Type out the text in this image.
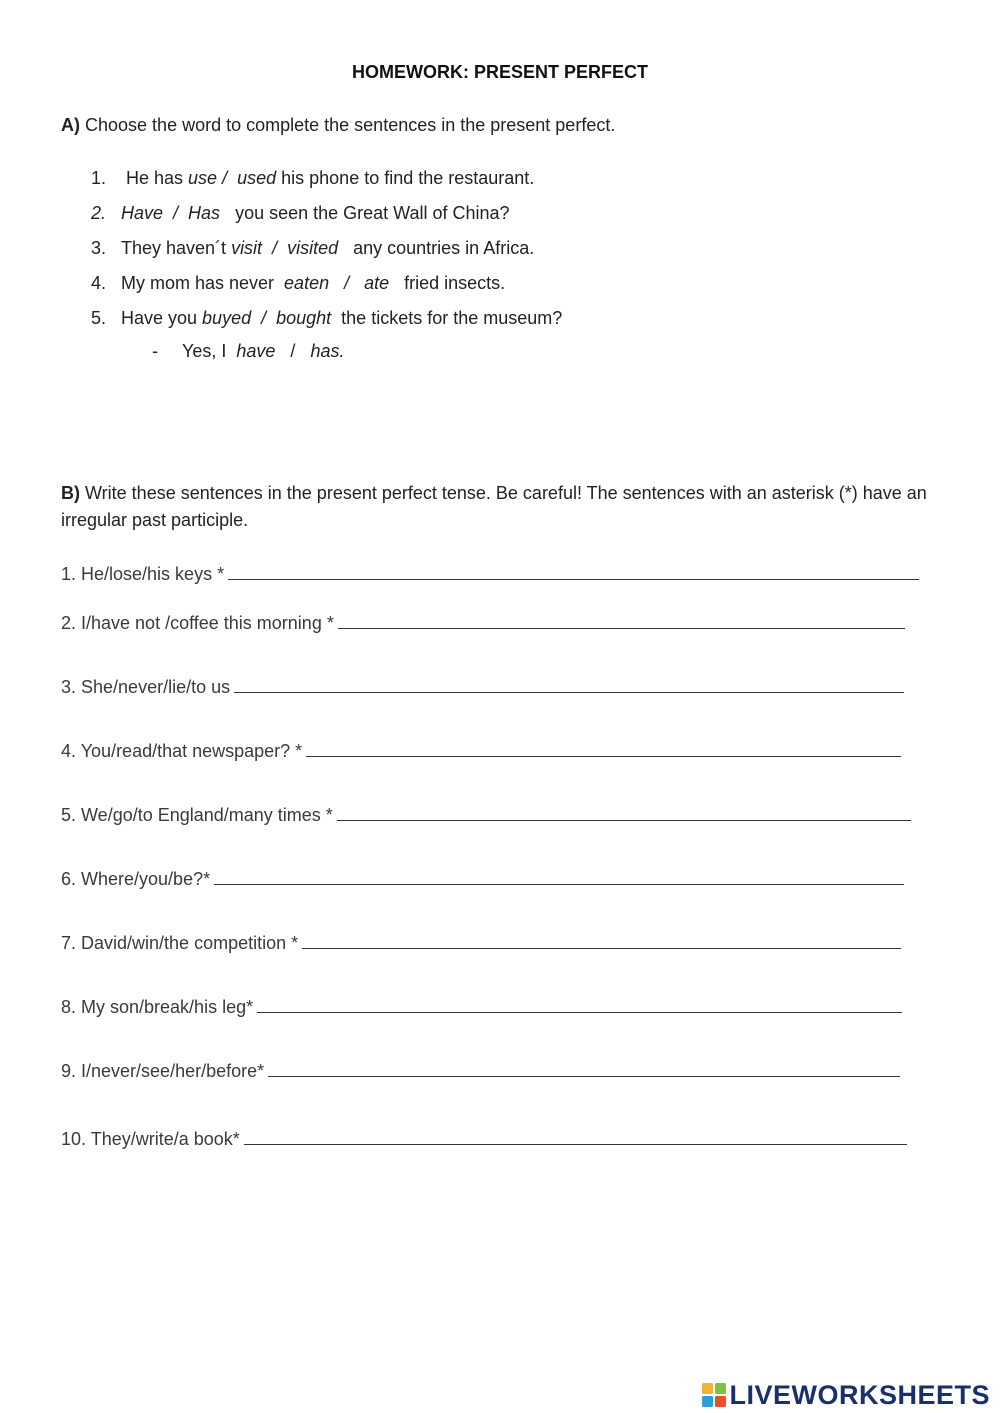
HOMEWORK: PRESENT PERFECT
A) Choose the word to complete the sentences in the present perfect.
1. He has use / used his phone to find the restaurant.
2. Have  /  Has   you seen the Great Wall of China?
3. They haven´t visit  /  visited   any countries in Africa.
4. My mom has never  eaten   /   ate   fried insects.
5. Have you buyed  /  bought  the tickets for the museum?
- Yes, I  have   /   has.
B) Write these sentences in the present perfect tense. Be careful! The sentences with an asterisk (*) have an irregular past participle.
1. He/lose/his keys *
2. I/have not /coffee this morning *
3. She/never/lie/to us
4. You/read/that newspaper? *
5. We/go/to England/many times *
6. Where/you/be?*
7. David/win/the competition *
8. My son/break/his leg*
9. I/never/see/her/before*
10. They/write/a book*
LIVEWORKSHEETS
